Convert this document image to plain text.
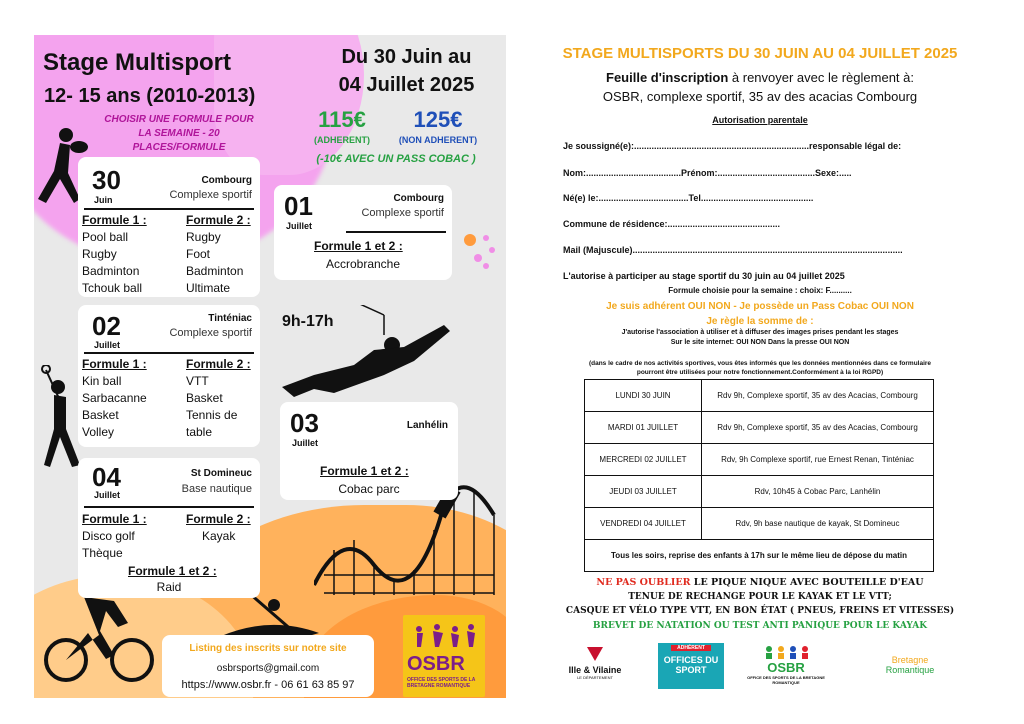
Stage Multisport
12- 15 ans (2010-2013)
CHOISIR UNE FORMULE POUR LA SEMAINE - 20 PLACES/FORMULE
Du 30 Juin au
04 Juillet 2025
115€
(ADHERENT)
125€
(NON ADHERENT)
(-10€ AVEC UN PASS COBAC )
30
Juin
Combourg
Complexe sportif
Formule 1 :
Pool ball
Rugby
Badminton
Tchouk ball
Formule 2 :
Rugby
Foot
Badminton
Ultimate
01
Juillet
Combourg
Complexe sportif
Formule 1 et 2 :
Accrobranche
02
Juillet
Tinténiac
Complexe sportif
Formule 1 :
Kin ball
Sarbacanne
Basket
Volley
Formule 2 :
VTT
Basket
Tennis de
table
9h-17h
03
Juillet
Lanhélin
Formule 1 et 2 :
Cobac parc
04
Juillet
St Domineuc
Base nautique
Formule 1 :
Disco golf
Thèque
Formule 2 :
Kayak
Formule 1 et 2 :
Raid
Listing des inscrits sur notre site
osbrsports@gmail.com
https://www.osbr.fr - 06 61 63 85 97
OSBR
OFFICE DES SPORTS DE LA BRETAGNE ROMANTIQUE
STAGE MULTISPORTS DU 30 JUIN AU 04 JUILLET 2025
Feuille d'inscription à renvoyer avec le règlement à:
OSBR, complexe sportif, 35 av des acacias Combourg
Autorisation parentale
Je soussigné(e):......................................................................responsable légal de:
Nom:......................................Prénom:.......................................Sexe:.....
Né(e) le:....................................Tel.............................................
Commune de résidence:.............................................
Mail (Majuscule)............................................................................................................
L'autorise à participer au stage sportif du 30 juin au 04 juillet 2025
Formule choisie pour la semaine : choix: F..........
Je suis adhérent OUI NON - Je possède un Pass Cobac OUI NON
Je règle la somme de :
J'autorise l'association à utiliser et à diffuser des images prises pendant les stages
Sur le site internet: OUI NON Dans la presse OUI NON
(dans le cadre de nos activités sportives, vous êtes informés que les données mentionnées dans ce formulaire pourront être utilisées pour notre fonctionnement.Conformément à la loi RGPD)
LUNDI 30 JUIN	Rdv 9h, Complexe sportif, 35 av des Acacias, Combourg
MARDI 01 JUILLET	Rdv 9h, Complexe sportif, 35 av des Acacias, Combourg
MERCREDI 02 JUILLET	Rdv, 9h Complexe sportif, rue Ernest Renan, Tinténiac
JEUDI 03 JUILLET	Rdv, 10h45 à Cobac Parc, Lanhélin
VENDREDI 04 JUILLET	Rdv, 9h base nautique de kayak, St Domineuc
Tous les soirs, reprise des enfants à 17h sur le même lieu de dépose du matin	
NE PAS OUBLIER LE PIQUE NIQUE AVEC BOUTEILLE D'EAU
TENUE DE RECHANGE POUR LE KAYAK ET LE VTT;
CASQUE ET VÉLO TYPE VTT, EN BON ÉTAT ( PNEUS, FREINS ET VITESSES)
BREVET DE NATATION OU TEST ANTI PANIQUE POUR LE KAYAK
Ille & Vilaine
LE DÉPARTEMENT
ADHÉRENT
OFFICES DU SPORT	OSBR
OFFICE DES SPORTS DE LA BRETAGNE ROMANTIQUE
Bretagne
Romantique
